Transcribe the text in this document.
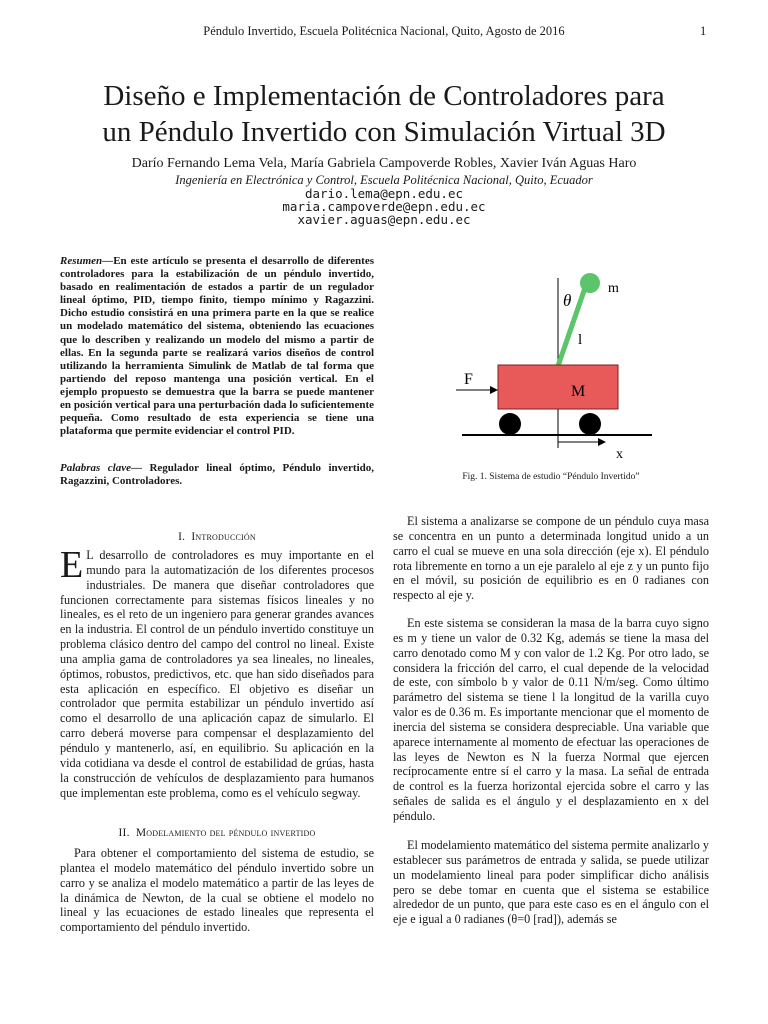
Péndulo Invertido, Escuela Politécnica Nacional, Quito, Agosto de 2016	1
Diseño e Implementación de Controladores para
un Péndulo Invertido con Simulación Virtual 3D
Darío Fernando Lema Vela, María Gabriela Campoverde Robles, Xavier Iván Aguas Haro
Ingeniería en Electrónica y Control, Escuela Politécnica Nacional, Quito, Ecuador
dario.lema@epn.edu.ec
maria.campoverde@epn.edu.ec
xavier.aguas@epn.edu.ec
Resumen—En este artículo se presenta el desarrollo de diferentes controladores para la estabilización de un péndulo invertido, basado en realimentación de estados a partir de un regulador lineal óptimo, PID, tiempo finito, tiempo mínimo y Ragazzini. Dicho estudio consistirá en una primera parte en la que se realice un modelado matemático del sistema, obteniendo las ecuaciones que lo describen y realizando un modelo del mismo a partir de ellas. En la segunda parte se realizará varios diseños de control utilizando la herramienta Simulink de Matlab de tal forma que partiendo del reposo mantenga una posición vertical. En el ejemplo propuesto se demuestra que la barra se puede mantener en posición vertical para una perturbación dada lo suficientemente pequeña. Como resultado de esta experiencia se tiene una plataforma que permite evidenciar el control PID.
Palabras clave— Regulador lineal óptimo, Péndulo invertido, Ragazzini, Controladores.
θ
m
l
F
M
x
Fig. 1. Sistema de estudio “Péndulo Invertido”
I. Introducción
E L desarrollo de controladores es muy importante en el mundo para la automatización de los diferentes procesos industriales. De manera que diseñar controladores que funcionen correctamente para sistemas físicos lineales y no lineales, es el reto de un ingeniero para generar grandes avances en la industria. El control de un péndulo invertido constituye un problema clásico dentro del campo del control no lineal. Existe una amplia gama de controladores ya sea lineales, no lineales, óptimos, robustos, predictivos, etc. que han sido diseñados para esta aplicación en específico. El objetivo es diseñar un controlador que permita estabilizar un péndulo invertido así como el desarrollo de una aplicación capaz de simularlo. El carro deberá moverse para compensar el desplazamiento del péndulo y mantenerlo, así, en equilibrio. Su aplicación en la vida cotidiana va desde el control de estabilidad de grúas, hasta la construcción de vehículos de desplazamiento para humanos que implementan este problema, como es el vehículo segway.
II. Modelamiento del péndulo invertido

Para obtener el comportamiento del sistema de estudio, se plantea el modelo matemático del péndulo invertido sobre un carro y se analiza el modelo matemático a partir de las leyes de la dinámica de Newton, de la cual se obtiene el modelo no lineal y las ecuaciones de estado lineales que representa el comportamiento del péndulo invertido.

El sistema a analizarse se compone de un péndulo cuya masa se concentra en un punto a determinada longitud unido a un carro el cual se mueve en una sola dirección (eje x). El péndulo rota libremente en torno a un eje paralelo al eje z y un punto fijo en el móvil, su posición de equilibrio es en 0 radianes con respecto al eje y.

En este sistema se consideran la masa de la barra cuyo signo es m y tiene un valor de 0.32 Kg, además se tiene la masa del carro denotado como M y con valor de 1.2 Kg. Por otro lado, se considera la fricción del carro, el cual depende de la velocidad de este, con símbolo b y valor de 0.11 N/m/seg. Como último parámetro del sistema se tiene l la longitud de la varilla cuyo valor es de 0.36 m. Es importante mencionar que el momento de inercia del sistema se considera despreciable. Una variable que aparece internamente al momento de efectuar las operaciones de las leyes de Newton es N la fuerza Normal que ejercen recíprocamente entre sí el carro y la masa. La señal de entrada de control es la fuerza horizontal ejercida sobre el carro y las señales de salida es el ángulo y el desplazamiento en x del péndulo.

El modelamiento matemático del sistema permite analizarlo y establecer sus parámetros de entrada y salida, se puede utilizar un modelamiento lineal para poder simplificar dicho análisis pero se debe tomar en cuenta que el sistema se estabilice alrededor de un punto, que para este caso es en el ángulo con el eje e igual a 0 radianes (θ=0 [rad]), además se
